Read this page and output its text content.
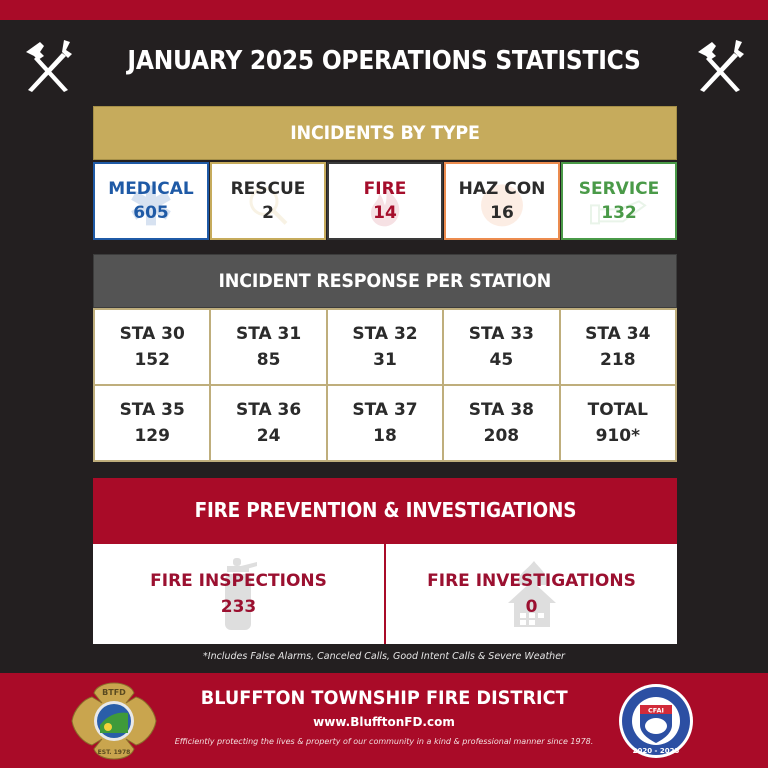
JANUARY 2025 OPERATIONS STATISTICS
INCIDENTS BY TYPE
MEDICAL
605
RESCUE
2
FIRE
14
HAZ CON
16
SERVICE
132
INCIDENT RESPONSE PER STATION
STA 30
152
STA 31
85
STA 32
31
STA 33
45
STA 34
218
STA 35
129
STA 36
24
STA 37
18
STA 38
208
TOTAL
910*
FIRE PREVENTION & INVESTIGATIONS
FIRE INSPECTIONS
233
FIRE INVESTIGATIONS
0
*Includes False Alarms, Canceled Calls, Good Intent Calls & Severe Weather
BTFD
EST. 1978
BLUFFTON TOWNSHIP FIRE DISTRICT
www.BlufftonFD.com
Efficiently protecting the lives & property of our community in a kind & professional manner since 1978.
CFAI
2020 - 2025
